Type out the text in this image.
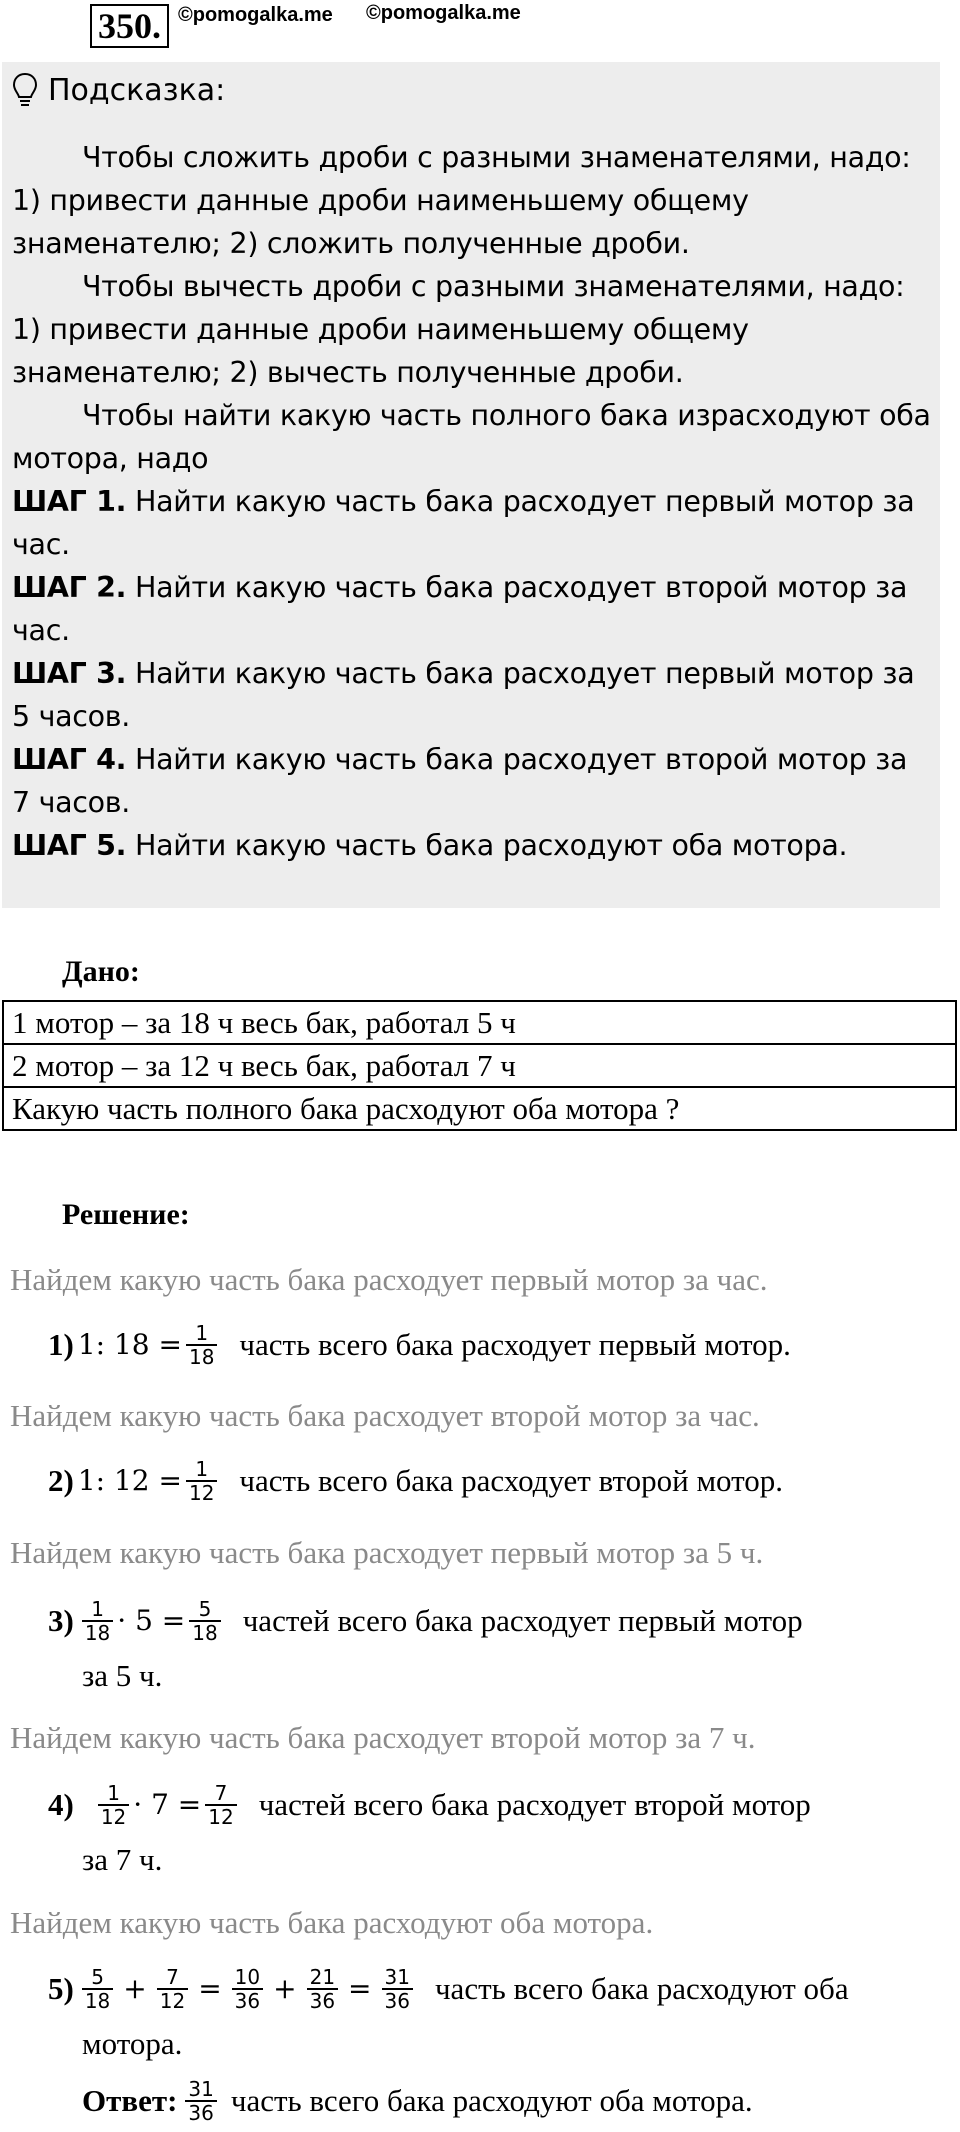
350. ©pomogalka.me ©pomogalka.me
Подсказка:

Чтобы сложить дроби с разными знаменателями, надо: 1) привести данные дроби наименьшему общему знаменателю; 2) сложить полученные дроби.

Чтобы вычесть дроби с разными знаменателями, надо: 1) привести данные дроби наименьшему общему знаменателю; 2) вычесть полученные дроби.

Чтобы найти какую часть полного бака израсходуют оба мотора, надо

ШАГ 1. Найти какую часть бака расходует первый мотор за час.

ШАГ 2. Найти какую часть бака расходует второй мотор за час.

ШАГ 3. Найти какую часть бака расходует первый мотор за 5 часов.

ШАГ 4. Найти какую часть бака расходует второй мотор за 7 часов.

ШАГ 5. Найти какую часть бака расходуют оба мотора.

Дано:
1 мотор – за 18 ч весь бак, работал 5 ч
2 мотор – за 12 ч весь бак, работал 7 ч
Какую часть полного бака расходуют оба мотора ?
Решение:
Найдем какую часть бака расходует первый мотор за час.
1) 1: $18 = \frac{1}{18}$ часть всего бака расходует первый мотор.
Найдем какую часть бака расходует второй мотор за час.
2) 1: $12 = \frac{1}{12}$ часть всего бака расходует второй мотор.
Найдем какую часть бака расходует первый мотор за 5 ч.
$3) \frac{1}{18} \cdot 5 = \frac{5}{18}$ частей всего бака расходует первый мотор
за 5 ч.
Найдем какую часть бака расходует второй мотор за 7 ч.
$4) \frac{1}{12} \cdot 7 = \frac{7}{12}$ частей всего бака расходует второй мотор
за 7 ч.
Найдем какую часть бака расходуют оба мотора.
$5) \frac{5}{18} + \frac{7}{12} = \frac{10}{36} + \frac{21}{36} = \frac{31}{36}$ часть всего бака расходуют оба
мотора.
Ответ: $\frac{31}{36}$ часть всего бака расходуют оба мотора.
